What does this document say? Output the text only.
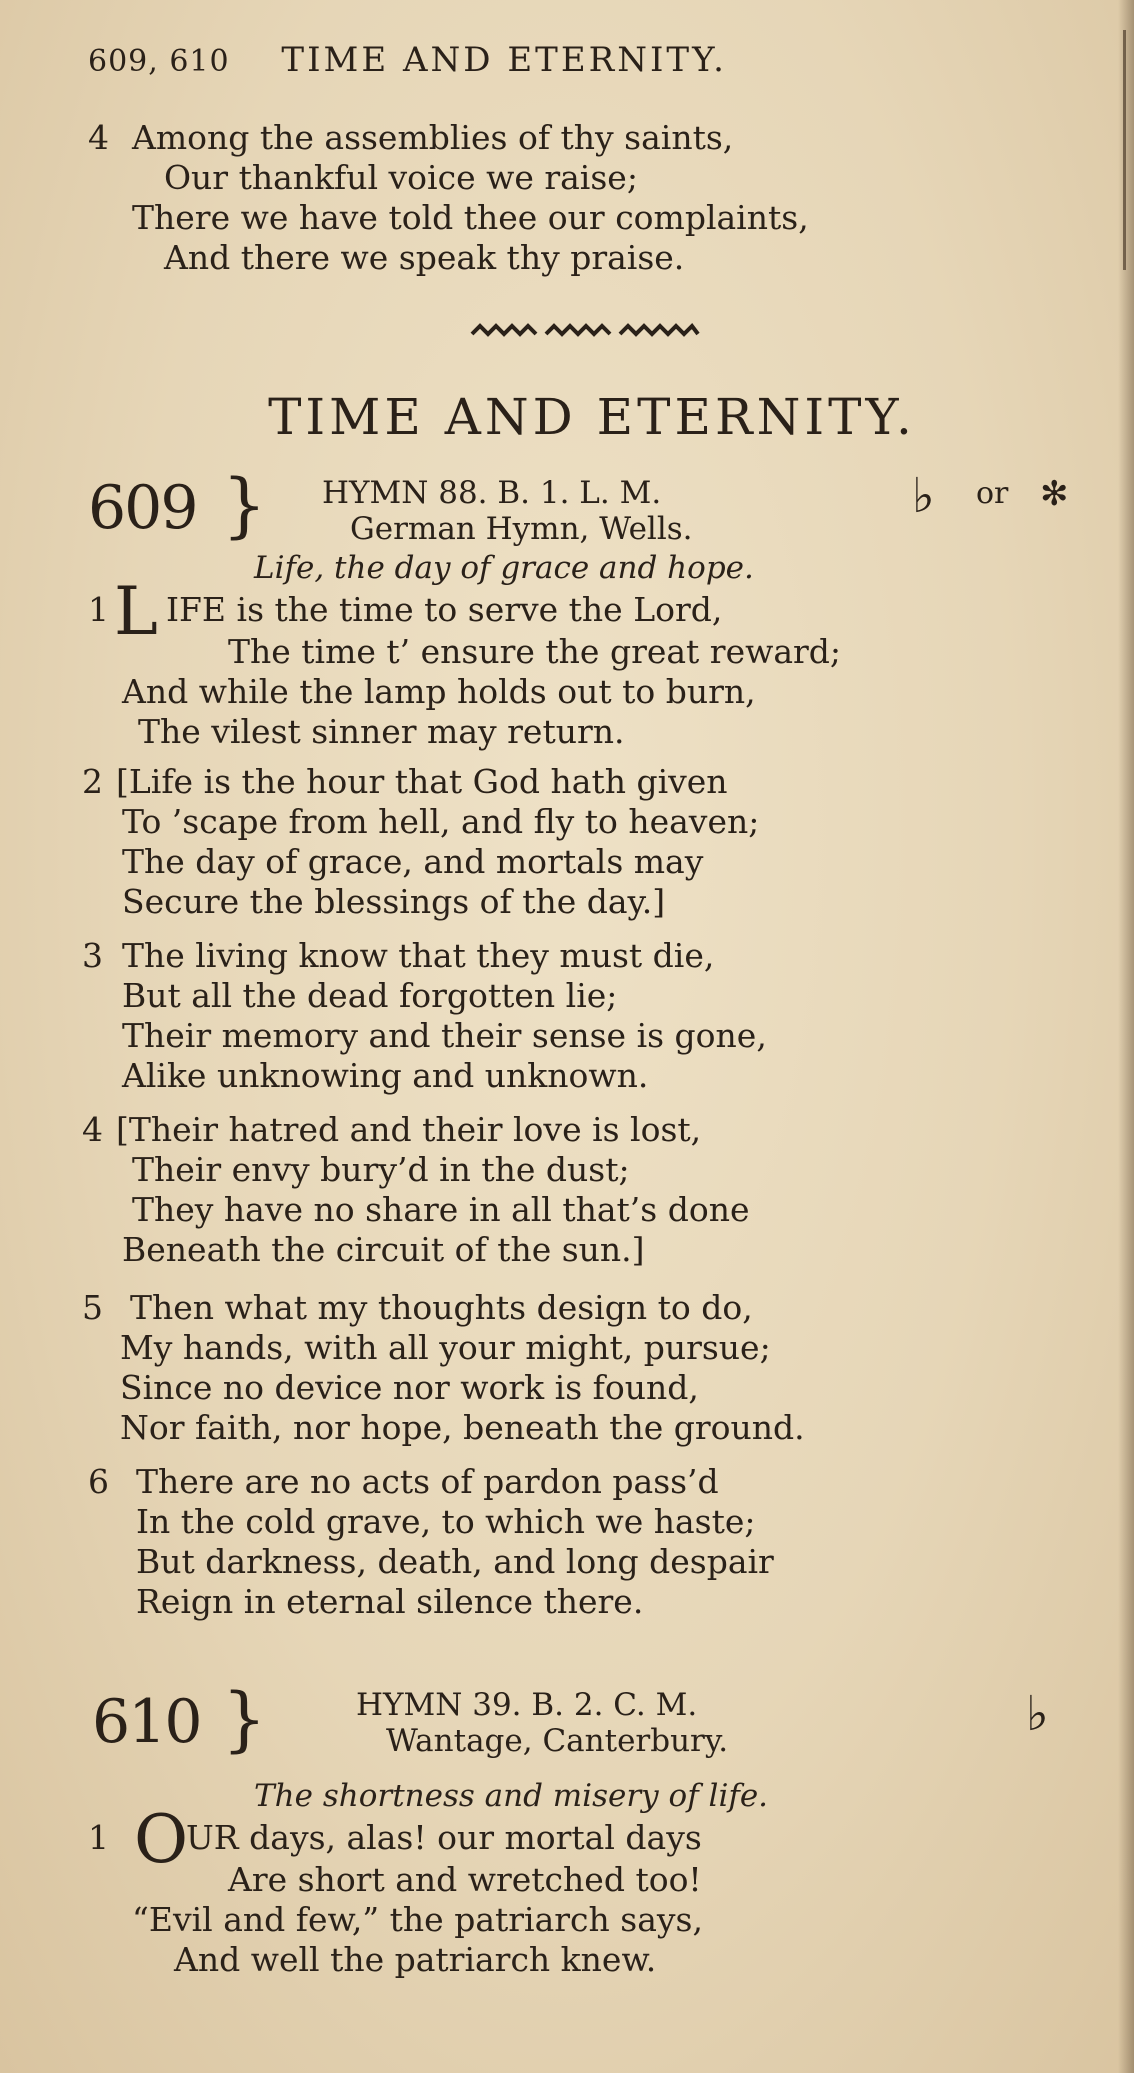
609, 610 TIME AND ETERNITY.
4 Among the assemblies of thy saints,
Our thankful voice we raise;
There we have told thee our complaints,
And there we speak thy praise.
TIME AND ETERNITY.
609 } HYMN 88. B. 1. L. M.
German Hymn, Wells.
♭ or ✻
Life, the day of grace and hope.
1 LIFE is the time to serve the Lord,
The time t’ ensure the great reward;
And while the lamp holds out to burn,
The vilest sinner may return.
2 [Life is the hour that God hath given
To ’scape from hell, and fly to heaven;
The day of grace, and mortals may
Secure the blessings of the day.]
3 The living know that they must die,
But all the dead forgotten lie;
Their memory and their sense is gone,
Alike unknowing and unknown.
4 [Their hatred and their love is lost,
Their envy bury’d in the dust;
They have no share in all that’s done
Beneath the circuit of the sun.]
5 Then what my thoughts design to do,
My hands, with all your might, pursue;
Since no device nor work is found,
Nor faith, nor hope, beneath the ground.
6 There are no acts of pardon pass’d
In the cold grave, to which we haste;
But darkness, death, and long despair
Reign in eternal silence there.
610 }	HYMN 39. B. 2. C. M.
Wantage, Canterbury.	♭
The shortness and misery of life.
1 OUR days, alas! our mortal days
Are short and wretched too!
“Evil and few,” the patriarch says,
And well the patriarch knew.
